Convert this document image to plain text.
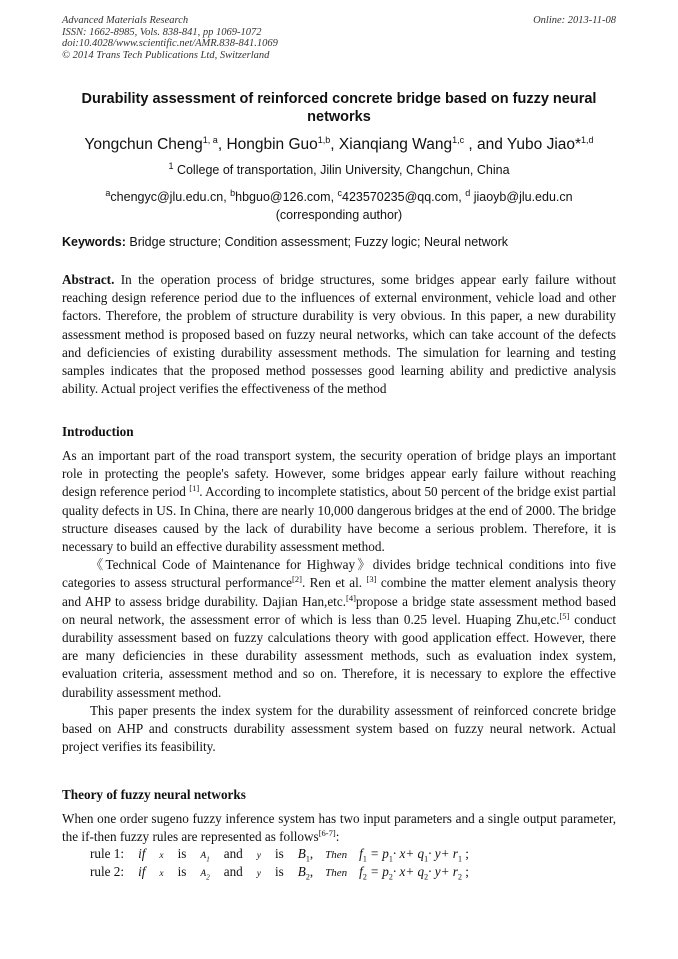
Advanced Materials Research
ISSN: 1662-8985, Vols. 838-841, pp 1069-1072
doi:10.4028/www.scientific.net/AMR.838-841.1069
© 2014 Trans Tech Publications Ltd, Switzerland
Online: 2013-11-08
Durability assessment of reinforced concrete bridge based on fuzzy neural networks
Yongchun Cheng$^{1, a}$, Hongbin Guo$^{1,b}$, Xianqiang Wang$^{1,c}$ , and Yubo Jiao*$^{1,d}$
$^1$ College of transportation, Jilin University, Changchun, China
$^a$chengyc@jlu.edu.cn, $^b$hbguo@126.com, $^c$423570235@qq.com, $^d$ jiaoyb@jlu.edu.cn
(corresponding author)
Keywords: Bridge structure; Condition assessment; Fuzzy logic; Neural network

Abstract. In the operation process of bridge structures, some bridges appear early failure without reaching design reference period due to the influences of external environment, vehicle load and other factors. Therefore, the problem of structure durability is very obvious. In this paper, a new durability assessment method is proposed based on fuzzy neural networks, which can take account of the defects and deficiencies of existing durability assessment methods. The simulation for learning and testing samples indicates that the proposed method possesses good learning ability and predictive analysis ability. Actual project verifies the effectiveness of the method

Introduction

As an important part of the road transport system, the security operation of bridge plays an important role in protecting the people's safety. However, some bridges appear early failure without reaching design reference period [1]. According to incomplete statistics, about 50 percent of the bridge exist partial quality defects in US. In China, there are nearly 10,000 dangerous bridges at the end of 2000. The bridge structure diseases caused by the lack of durability have become a serious problem. Therefore, it is necessary to build an effective durability assessment method.

《Technical Code of Maintenance for Highway》divides bridge technical conditions into five categories to assess structural performance[2]. Ren et al. [3] combine the matter element analysis theory and AHP to assess bridge durability. Dajian Han,etc.[4]propose a bridge state assessment method based on neural network, the assessment error of which is less than 0.25 level. Huaping Zhu,etc.[5] conduct durability assessment based on fuzzy calculations theory with good application effect. However, there are many deficiencies in these durability assessment methods, such as evaluation index system, evaluation criteria, assessment method and so on. Therefore, it is necessary to explore the effective durability assessment method.

This paper presents the index system for the durability assessment of reinforced concrete bridge based on AHP and constructs durability assessment system based on fuzzy neural network. Actual project verifies its feasibility.

Theory of fuzzy neural networks

When one order sugeno fuzzy inference system has two input parameters and a single output parameter, the if-then fuzzy rules are represented as follows[6-7]:

rule 1: if x is $A_1$ and y is $B_1$, Then $f_1 = p_1\cdot x+ q_1\cdot y+ r_1$ ;
rule 2: if x is $A_2$ and y is $B_2$, Then $f_2 = p_2\cdot x+ q_2\cdot y+ r_2$ ;
